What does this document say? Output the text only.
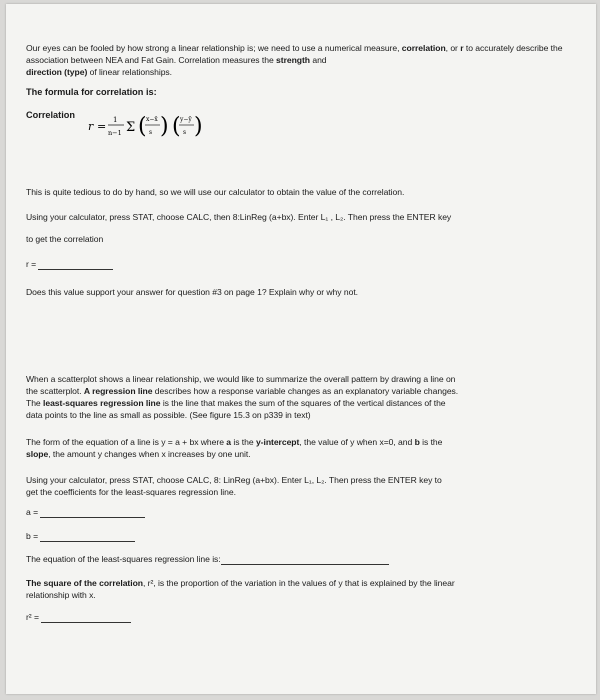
Our eyes can be fooled by how strong a linear relationship is; we need to use a numerical measure, correlation, or r to accurately describe the association between NEA and Fat Gain. Correlation measures the strength and
direction (type) of linear relationships.
The formula for correlation is:
Correlation
r = 1
n−1 Σ ( x−x̄
s ) ( y−ȳ
s )
This is quite tedious to do by hand, so we will use our calculator to obtain the value of the correlation.
Using your calculator, press STAT, choose CALC, then 8:LinReg (a+bx). Enter L₁ , L₂. Then press the ENTER key
to get the correlation
r =
Does this value support your answer for question #3 on page 1? Explain why or why not.
When a scatterplot shows a linear relationship, we would like to summarize the overall pattern by drawing a line on
the scatterplot. A regression line describes how a response variable changes as an explanatory variable changes.
The least-squares regression line is the line that makes the sum of the squares of the vertical distances of the
data points to the line as small as possible. (See figure 15.3 on p339 in text)
The form of the equation of a line is y = a + bx where a is the y-intercept, the value of y when x=0, and b is the
slope, the amount y changes when x increases by one unit.
Using your calculator, press STAT, choose CALC, 8: LinReg (a+bx). Enter L₁, L₂. Then press the ENTER key to
get the coefficients for the least-squares regression line.
a =
b =
The equation of the least-squares regression line is:
The square of the correlation, r², is the proportion of the variation in the values of y that is explained by the linear
relationship with x.
r² =
